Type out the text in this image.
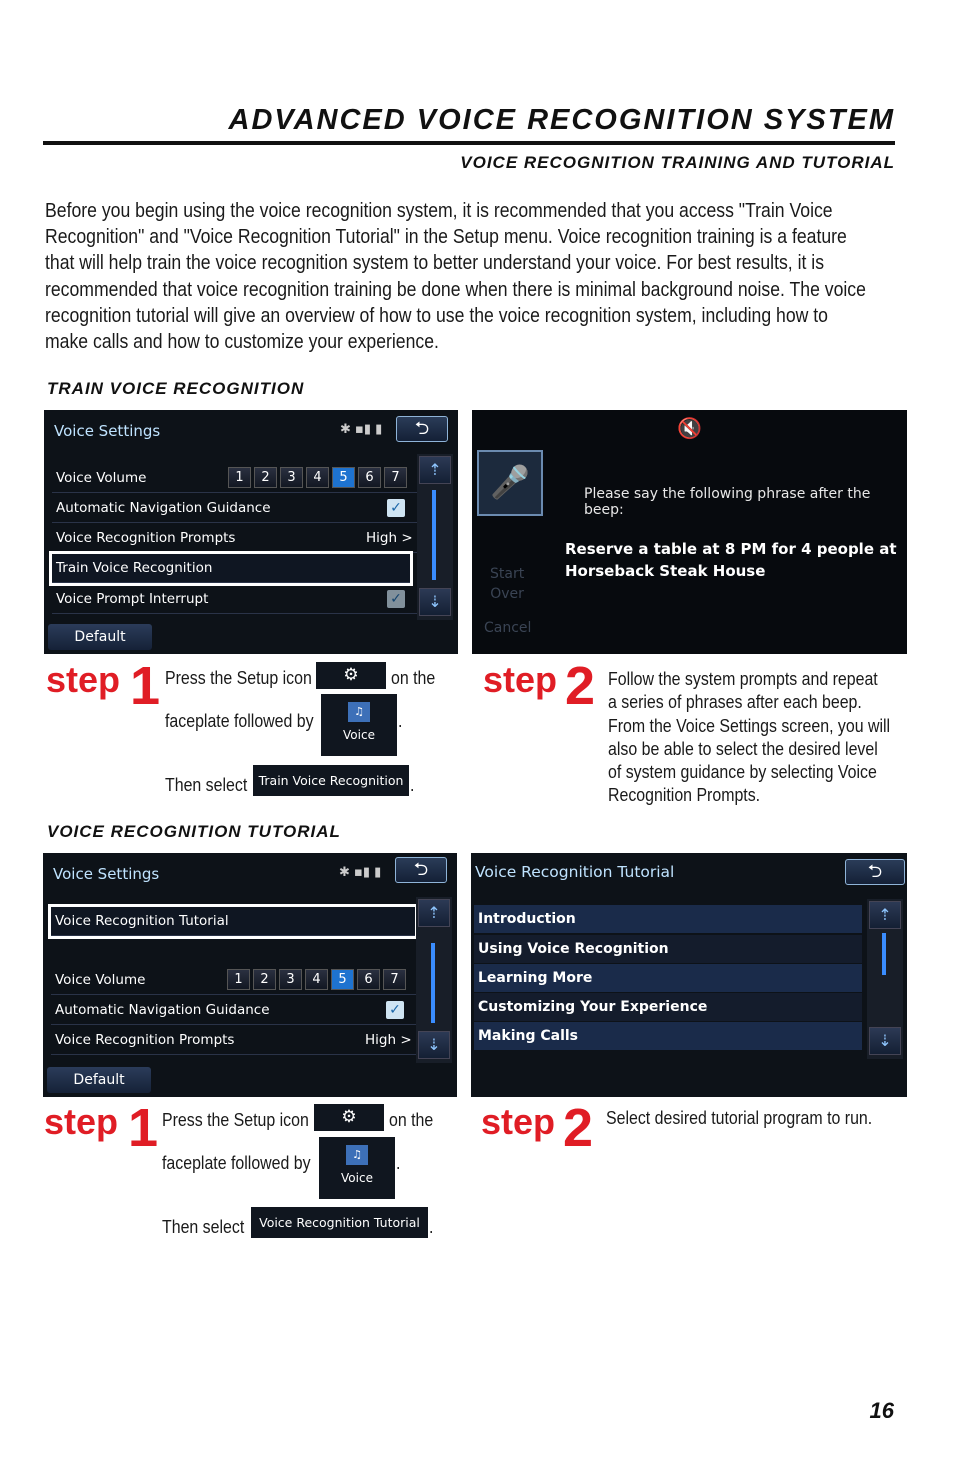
ADVANCED VOICE RECOGNITION SYSTEM
VOICE RECOGNITION TRAINING AND TUTORIAL
Before you begin using the voice recognition system, it is recommended that you access "Train Voice
Recognition" and "Voice Recognition Tutorial" in the Setup menu. Voice recognition training is a feature
that will help train the voice recognition system to better understand your voice. For best results, it is
recommended that voice recognition training be done when there is minimal background noise. The voice
recognition tutorial will give an overview of how to use the voice recognition system, including how to
make calls and how to customize your experience.
TRAIN VOICE RECOGNITION
Voice Settings	✱ ▪▮ ▮	⮌
Voice Volume	1	2	3	4	5	6	7
Automatic Navigation Guidance	✓
Voice Recognition Prompts	High >
Train Voice Recognition
Voice Prompt Interrupt	✓
⇡
⇣
Default
🔇
🎤	Please say the following phrase after the beep:
Reserve a table at 8 PM for 4 people at
Horseback Steak House
Start
Over
Cancel
step 1 Press the Setup icon	⚙	on the
faceplate followed by	♫
Voice
.
Then select Train Voice Recognition .
step 2 Follow the system prompts and repeat
a series of phrases after each beep.
From the Voice Settings screen, you will
also be able to select the desired level
of system guidance by selecting Voice
Recognition Prompts.
VOICE RECOGNITION TUTORIAL
Voice Settings	✱ ▪▮ ▮	⮌
Voice Recognition Tutorial
Voice Volume	1	2	3	4	5	6	7
Automatic Navigation Guidance	✓
Voice Recognition Prompts	High >
⇡
⇣
Default
Voice Recognition Tutorial	⮌
Introduction
Using Voice Recognition
Learning More
Customizing Your Experience
Making Calls
⇡
⇣
step 1 Press the Setup icon	⚙	on the
faceplate followed by	♫
Voice
.
Then select	Voice Recognition Tutorial .
step 2 Select desired tutorial program to run.
16
